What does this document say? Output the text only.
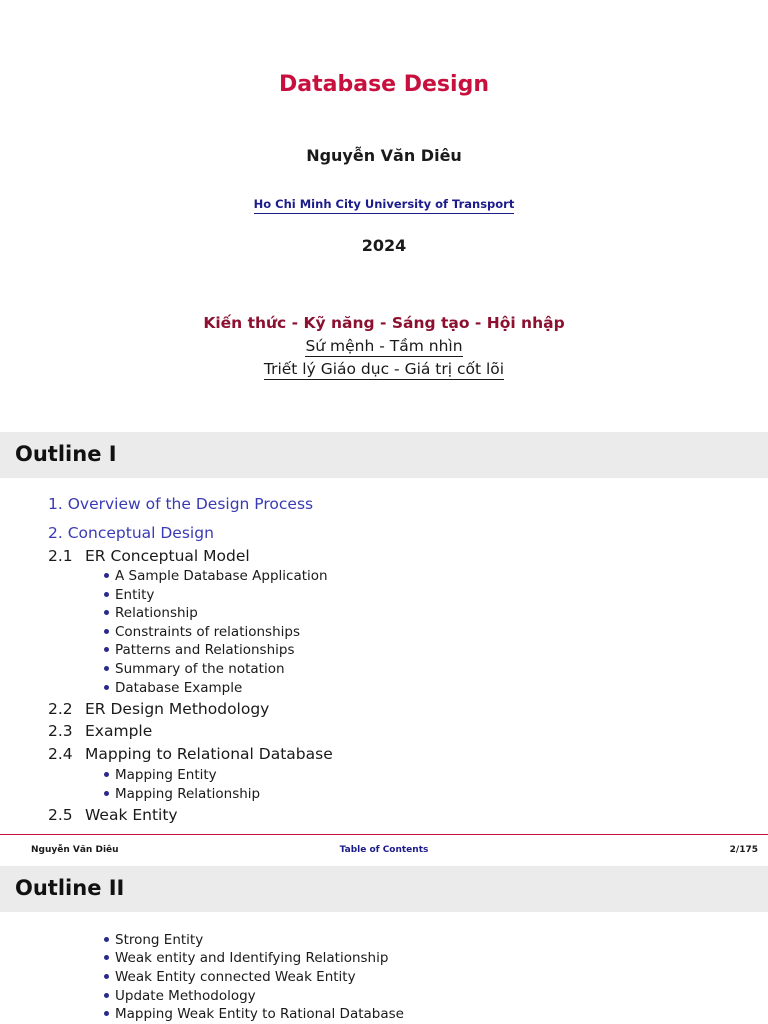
Database Design
Nguyễn Văn Diêu
Ho Chi Minh City University of Transport
2024
Kiến thức - Kỹ năng - Sáng tạo - Hội nhập
Sứ mệnh - Tầm nhìn
Triết lý Giáo dục - Giá trị cốt lõi
Outline I
1. Overview of the Design Process
2. Conceptual Design
2.1 ER Conceptual Model
A Sample Database Application
Entity
Relationship
Constraints of relationships
Patterns and Relationships
Summary of the notation
Database Example
2.2 ER Design Methodology
2.3 Example
2.4 Mapping to Relational Database
Mapping Entity
Mapping Relationship
2.5 Weak Entity
Nguyễn Văn Diêu	Table of Contents	2/175
Outline II
Strong Entity
Weak entity and Identifying Relationship
Weak Entity connected Weak Entity
Update Methodology
Mapping Weak Entity to Rational Database
